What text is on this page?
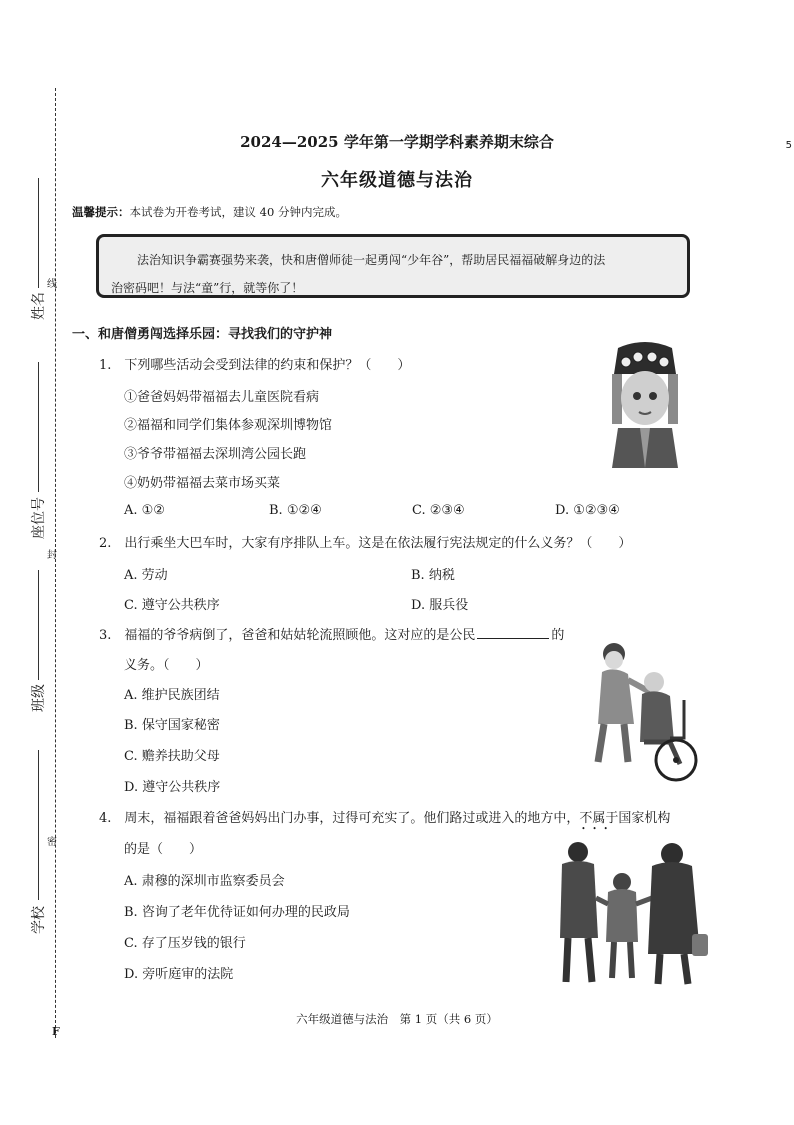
线
封
密
F
姓名
座位号
班级
学校
5
2024—2025 学年第一学期学科素养期末综合
六年级道德与法治
温馨提示：本试卷为开卷考试，建议 40 分钟内完成。
法治知识争霸赛强势来袭，快和唐僧师徒一起勇闯“少年谷”，帮助居民福福破解身边的法
治密码吧！与法“童”行，就等你了！
一、和唐僧勇闯选择乐园：寻找我们的守护神
1.　下列哪些活动会受到法律的约束和保护？（　　）
①爸爸妈妈带福福去儿童医院看病
②福福和同学们集体参观深圳博物馆
③爷爷带福福去深圳湾公园长跑
④奶奶带福福去菜市场买菜
A. ①②	B. ①②④	C. ②③④	D. ①②③④
2.　出行乘坐大巴车时，大家有序排队上车。这是在依法履行宪法规定的什么义务？（　　）
A. 劳动	B. 纳税
C. 遵守公共秩序	D. 服兵役
3.　福福的爷爷病倒了，爸爸和姑姑轮流照顾他。这对应的是公民	的
义务。（　　）
A. 维护民族团结
B. 保守国家秘密
C. 赡养扶助父母
D. 遵守公共秩序
4.　周末，福福跟着爸爸妈妈出门办事，过得可充实了。他们路过或进入的地方中，不属于 •••国家机构
的是（　　）
A. 肃穆的深圳市监察委员会
B. 咨询了老年优待证如何办理的民政局
C. 存了压岁钱的银行
D. 旁听庭审的法院
六年级道德与法治　第 1 页（共 6 页）
